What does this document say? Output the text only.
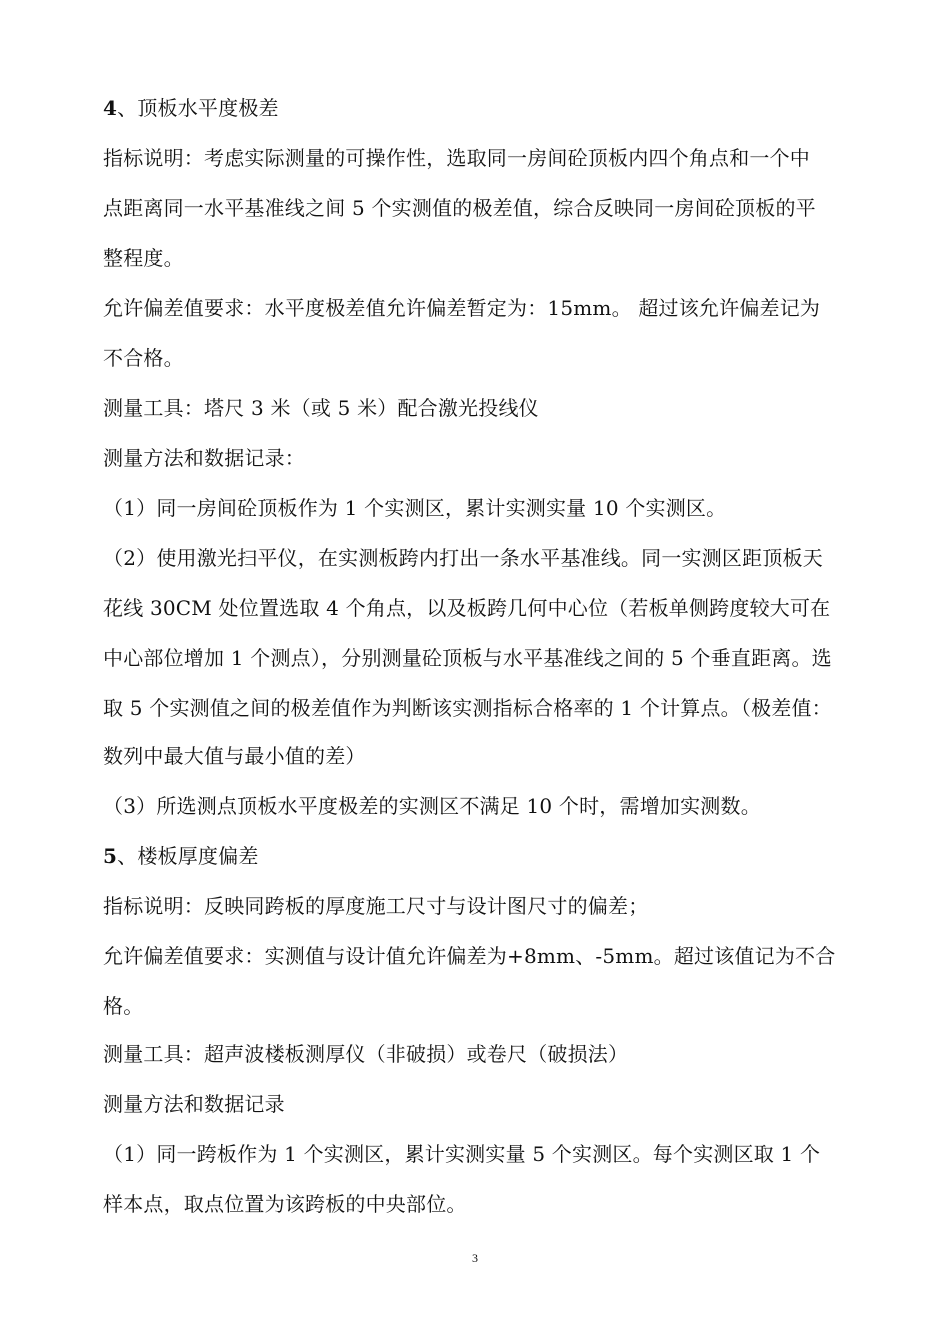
4、顶板水平度极差
指标说明：考虑实际测量的可操作性，选取同一房间砼顶板内四个角点和一个中
点距离同一水平基准线之间 5 个实测值的极差值，综合反映同一房间砼顶板的平
整程度。
允许偏差值要求：水平度极差值允许偏差暂定为：15mm。 超过该允许偏差记为
不合格。
测量工具：塔尺 3 米（或 5 米）配合激光投线仪
测量方法和数据记录：
（1）同一房间砼顶板作为 1 个实测区，累计实测实量 10 个实测区。
（2）使用激光扫平仪，在实测板跨内打出一条水平基准线。同一实测区距顶板天
花线 30CM 处位置选取 4 个角点，以及板跨几何中心位（若板单侧跨度较大可在
中心部位增加 1 个测点），分别测量砼顶板与水平基准线之间的 5 个垂直距离。选
取 5 个实测值之间的极差值作为判断该实测指标合格率的 1 个计算点。（极差值：
数列中最大值与最小值的差）
（3）所选测点顶板水平度极差的实测区不满足 10 个时，需增加实测数。
5、楼板厚度偏差
指标说明：反映同跨板的厚度施工尺寸与设计图尺寸的偏差；
允许偏差值要求：实测值与设计值允许偏差为+8mm、-5mm。超过该值记为不合
格。
测量工具：超声波楼板测厚仪（非破损）或卷尺（破损法）
测量方法和数据记录
（1）同一跨板作为 1 个实测区，累计实测实量 5 个实测区。每个实测区取 1 个
样本点，取点位置为该跨板的中央部位。
3
